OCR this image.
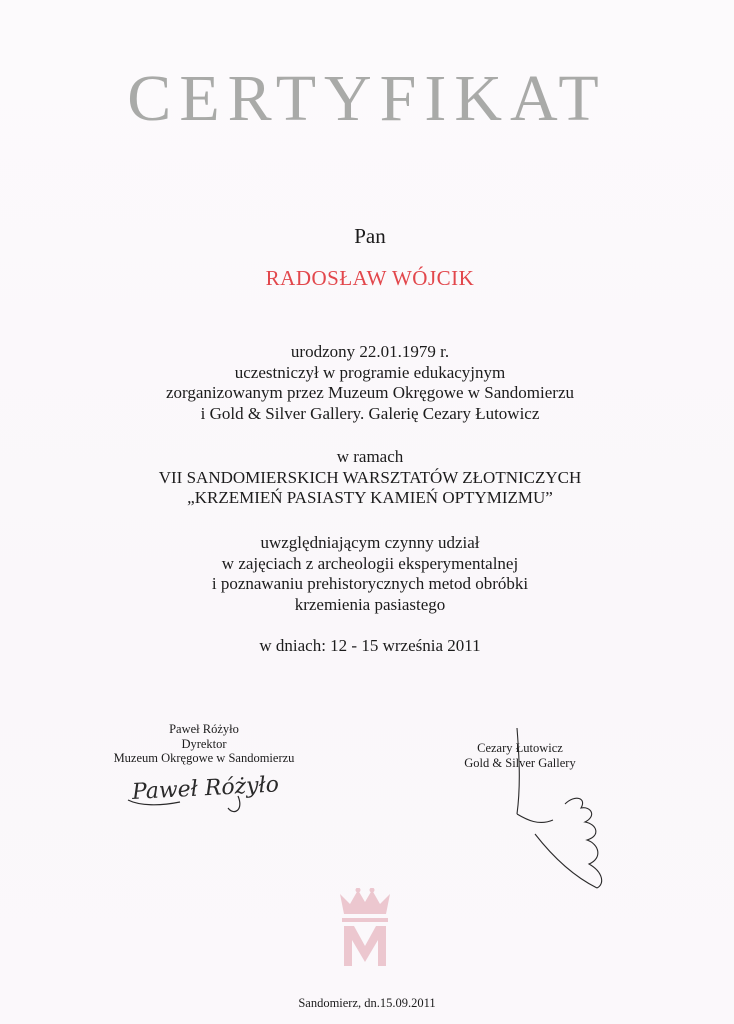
CERTYFIKAT
Pan
RADOSŁAW WÓJCIK
urodzony 22.01.1979 r.
uczestniczył w programie edukacyjnym
zorganizowanym przez Muzeum Okręgowe w Sandomierzu
i Gold & Silver Gallery. Galerię Cezary Łutowicz
w ramach
VII SANDOMIERSKICH WARSZTATÓW ZŁOTNICZYCH
„KRZEMIEŃ PASIASTY KAMIEŃ OPTYMIZMU”
uwzględniającym czynny udział
w zajęciach z archeologii eksperymentalnej
i poznawaniu prehistorycznych metod obróbki
krzemienia pasiastego
w dniach: 12 - 15 września 2011
Paweł Różyło
Dyrektor
Muzeum Okręgowe w Sandomierzu
Paweł Różyło
Cezary Łutowicz
Gold & Silver Gallery
Sandomierz, dn.15.09.2011
